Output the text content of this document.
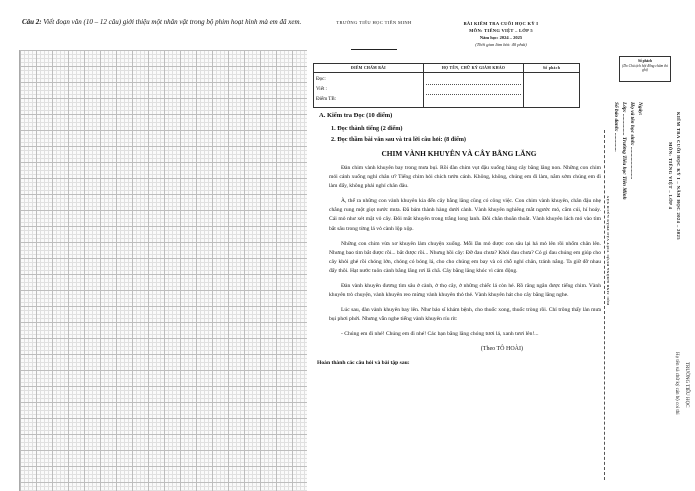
Câu 2: Viết đoạn văn (10 – 12 câu) giới thiệu một nhân vật trong bộ phim hoạt hình mà em đã xem.	TRƯỜNG TIỂU HỌC TIÊN MINH	BÀI KIỂM TRA CUỐI HỌC KỲ I
MÔN: TIẾNG VIỆT – LỚP 5
Năm học: 2024 – 2025
(Thời gian làm bài: 40 phút)
Số phách
(Do Chủ tịch hội đồng chấm thi ghi)
ĐIỂM CHẤM BÀI	HỌ TÊN, CHỮ KÝ GIÁM KHẢO	Số phách

Đọc:
Viết :
Điểm TB:		

A. Kiểm tra Đọc (10 điểm)
1. Đọc thành tiếng (2 điểm)
2. Đọc thầm bài văn sau và trả lời câu hỏi: (8 điểm)
CHIM VÀNH KHUYÊN VÀ CÂY BẰNG LĂNG

Đàn chim vành khuyên bay trong mưa bụi. Rồi đàn chim vụt đậu xuống hàng cây bằng lăng non. Những con chim mỏi cánh xuống nghỉ chân ư? Tiếng chim hỏi chích tưởn cánh. Không, không, chúng em đi làm, nắm sớm chúng em đi làm đấy, không phải nghỉ chân đâu.

À, thế ra những con vành khuyên kia đến cây bằng lăng cũng có công việc. Con chim vành khuyên, chân đậu nhẹ chẳng rung một giọt nước mưa. Đã bám thành hàng dưới cành. Vành khuyên nghiêng mắt ngước mỏ, cắm cúi, hí hoáy. Cái mỏ như xét mặt vỏ cây. Đôi mắt khuyên trong trắng long lanh. Đôi chân thoăn thoắt. Vành khuyên lách mỏ vào tìm bắt sâu trong từng lá vỏ cành lộp xộp.

Những con chim vừa xơ khuyên làm chuyện xuống. Mỗi lần mỏ được con sâu lại há mỏ lên rồi nhổm chân lên. Nhưng bao tìm bắt được rồi... bắt được rồi... Nhưng hồi cây: Đỡ đau chưa? Khỏi đau chưa? Có gì đau chúng em giúp cho cây khỏi ghẻ rồi chóng lớn, chóng có bóng lá, cho cho chúng em bay và có chỗ nghỉ chân, tránh nắng. Ta giữ đỡ nhau đấy thôi. Hạt nước tuôn cành bằng lăng rơi lã chã. Cây bằng lăng khóc vì cảm động.

Đàn vành khuyên đương tìm sâu ở cành, ở thọ cây, ở những chiếc lá còn hé. Rồ răng ngân được tiếng chim. Vành khuyên trò chuyện, vành khuyên reo mừng vành khuyên thỏ thẻ. Vành khuyên hát cho cây bằng lăng nghe.

Lúc sau, đàn vành khuyên bay lên. Như bảo sĩ khám bệnh, cho thuốc xong, thuốc tròng rồi. Chỉ trông thấy làn mưa bụi phơi phới. Nhưng vẫn nghe tiếng vành khuyên ríu rít:

- Chúng em đi nhé! Chúng em đi nhé! Các bạn bằng lăng chóng tươi lá, xanh tươi lên!...

(Theo TÔ HOÀI)
Hoàn thành các câu hỏi và bài tập sau:
HỌC SINH KHÔNG ĐƯỢC VIẾT VÀO PHẦN GẠCH NÀY
Ngày:
Họ và tên học sinh: ........................
Lớp: ................ Trường Tiểu học Tiên Minh
Số báo danh: ..............	KIỂM TRA CUỐI HỌC KỲ I – NĂM HỌC 2024 – 2025
MÔN: TIẾNG VIỆT – LỚP 4
TRƯỜNG TIỂU HỌC
Họ tên và chữ ký cán bộ coi thi
